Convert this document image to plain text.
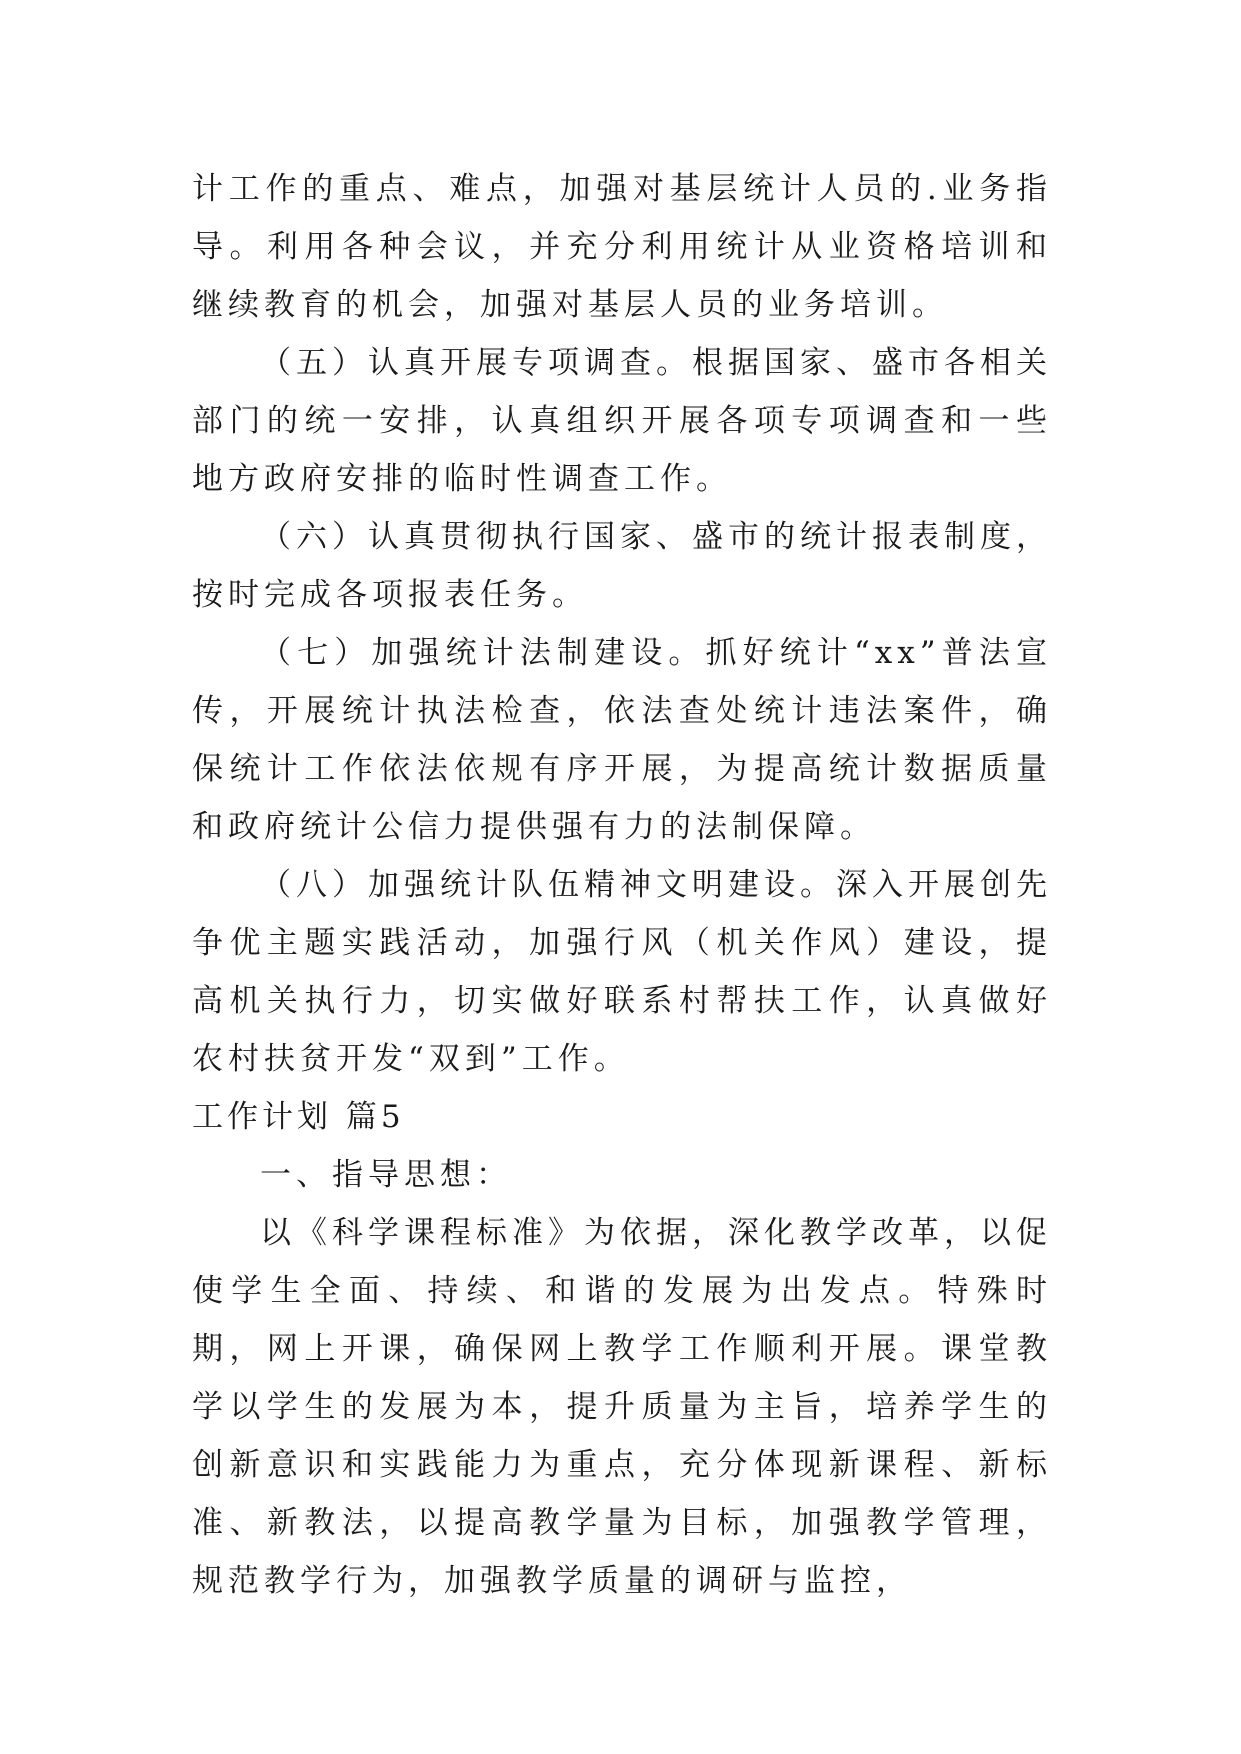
计工作的重点、难点，加强对基层统计人员的.业务指导。利用各种会议，并充分利用统计从业资格培训和继续教育的机会，加强对基层人员的业务培训。

（五）认真开展专项调查。根据国家、盛市各相关部门的统一安排，认真组织开展各项专项调查和一些地方政府安排的临时性调查工作。

（六）认真贯彻执行国家、盛市的统计报表制度，按时完成各项报表任务。

（七）加强统计法制建设。抓好统计“xx”普法宣传，开展统计执法检查，依法查处统计违法案件，确保统计工作依法依规有序开展，为提高统计数据质量和政府统计公信力提供强有力的法制保障。

（八）加强统计队伍精神文明建设。深入开展创先争优主题实践活动，加强行风（机关作风）建设，提高机关执行力，切实做好联系村帮扶工作，认真做好农村扶贫开发“双到”工作。

工作计划 篇5

一、指导思想：

以《科学课程标准》为依据，深化教学改革，以促使学生全面、持续、和谐的发展为出发点。特殊时期，网上开课，确保网上教学工作顺利开展。课堂教学以学生的发展为本，提升质量为主旨，培养学生的创新意识和实践能力为重点，充分体现新课程、新标准、新教法，以提高教学量为目标，加强教学管理，规范教学行为，加强教学质量的调研与监控，
